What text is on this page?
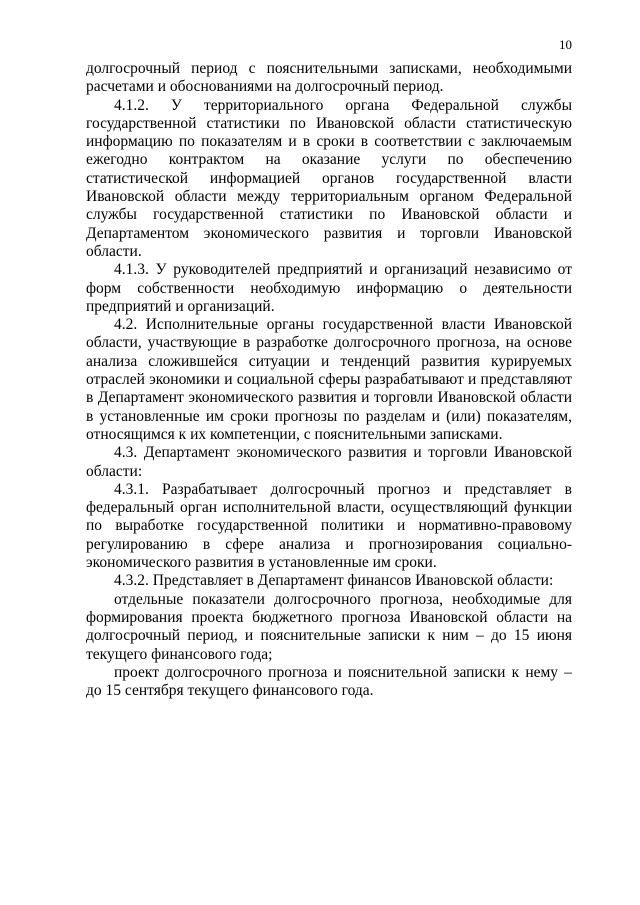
10

долгосрочный период с пояснительными записками, необходимыми расчетами и обоснованиями на долгосрочный период.

4.1.2. У территориального органа Федеральной службы государственной статистики по Ивановской области статистическую информацию по показателям и в сроки в соответствии с заключаемым ежегодно контрактом на оказание услуги по обеспечению статистической информацией органов государственной власти Ивановской области между территориальным органом Федеральной службы государственной статистики по Ивановской области и Департаментом экономического развития и торговли Ивановской области.

4.1.3. У руководителей предприятий и организаций независимо от форм собственности необходимую информацию о деятельности предприятий и организаций.

4.2. Исполнительные органы государственной власти Ивановской области, участвующие в разработке долгосрочного прогноза, на основе анализа сложившейся ситуации и тенденций развития курируемых отраслей экономики и социальной сферы разрабатывают и представляют в Департамент экономического развития и торговли Ивановской области в установленные им сроки прогнозы по разделам и (или) показателям, относящимся к их компетенции, с пояснительными записками.

4.3. Департамент экономического развития и торговли Ивановской области:

4.3.1. Разрабатывает долгосрочный прогноз и представляет в федеральный орган исполнительной власти, осуществляющий функции по выработке государственной политики и нормативно-правовому регулированию в сфере анализа и прогнозирования социально-экономического развития в установленные им сроки.

4.3.2. Представляет в Департамент финансов Ивановской области:

отдельные показатели долгосрочного прогноза, необходимые для формирования проекта бюджетного прогноза Ивановской области на долгосрочный период, и пояснительные записки к ним – до 15 июня текущего финансового года;

проект долгосрочного прогноза и пояснительной записки к нему – до 15 сентября текущего финансового года.
